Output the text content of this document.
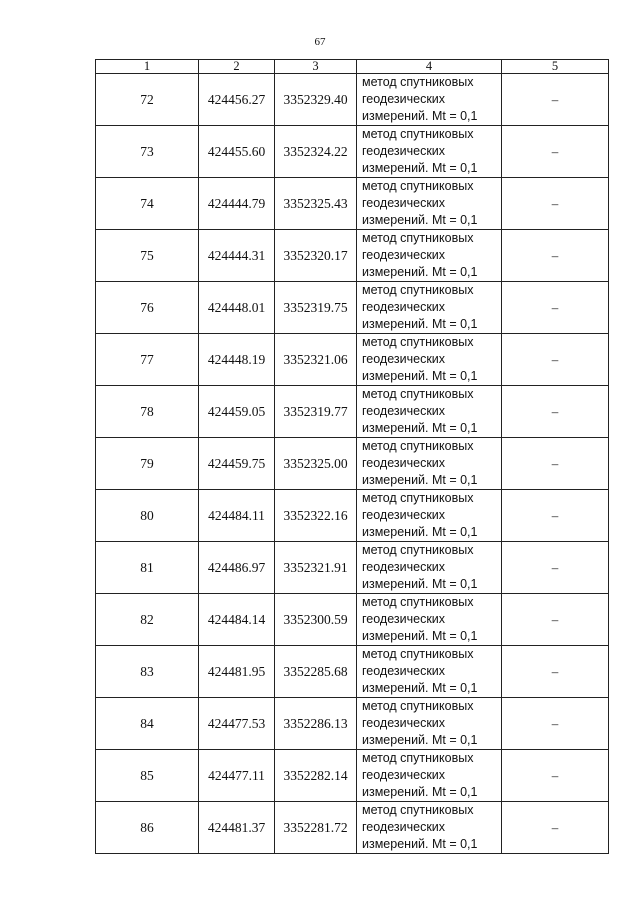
67
1	2	3	4	5
72	424456.27	3352329.40	метод спутниковых
геодезических
измерений. Mt = 0,1	–
73	424455.60	3352324.22	метод спутниковых
геодезических
измерений. Mt = 0,1	–
74	424444.79	3352325.43	метод спутниковых
геодезических
измерений. Mt = 0,1	–
75	424444.31	3352320.17	метод спутниковых
геодезических
измерений. Mt = 0,1	–
76	424448.01	3352319.75	метод спутниковых
геодезических
измерений. Mt = 0,1	–
77	424448.19	3352321.06	метод спутниковых
геодезических
измерений. Mt = 0,1	–
78	424459.05	3352319.77	метод спутниковых
геодезических
измерений. Mt = 0,1	–
79	424459.75	3352325.00	метод спутниковых
геодезических
измерений. Mt = 0,1	–
80	424484.11	3352322.16	метод спутниковых
геодезических
измерений. Mt = 0,1	–
81	424486.97	3352321.91	метод спутниковых
геодезических
измерений. Mt = 0,1	–
82	424484.14	3352300.59	метод спутниковых
геодезических
измерений. Mt = 0,1	–
83	424481.95	3352285.68	метод спутниковых
геодезических
измерений. Mt = 0,1	–
84	424477.53	3352286.13	метод спутниковых
геодезических
измерений. Mt = 0,1	–
85	424477.11	3352282.14	метод спутниковых
геодезических
измерений. Mt = 0,1	–
86	424481.37	3352281.72	метод спутниковых
геодезических
измерений. Mt = 0,1	–
